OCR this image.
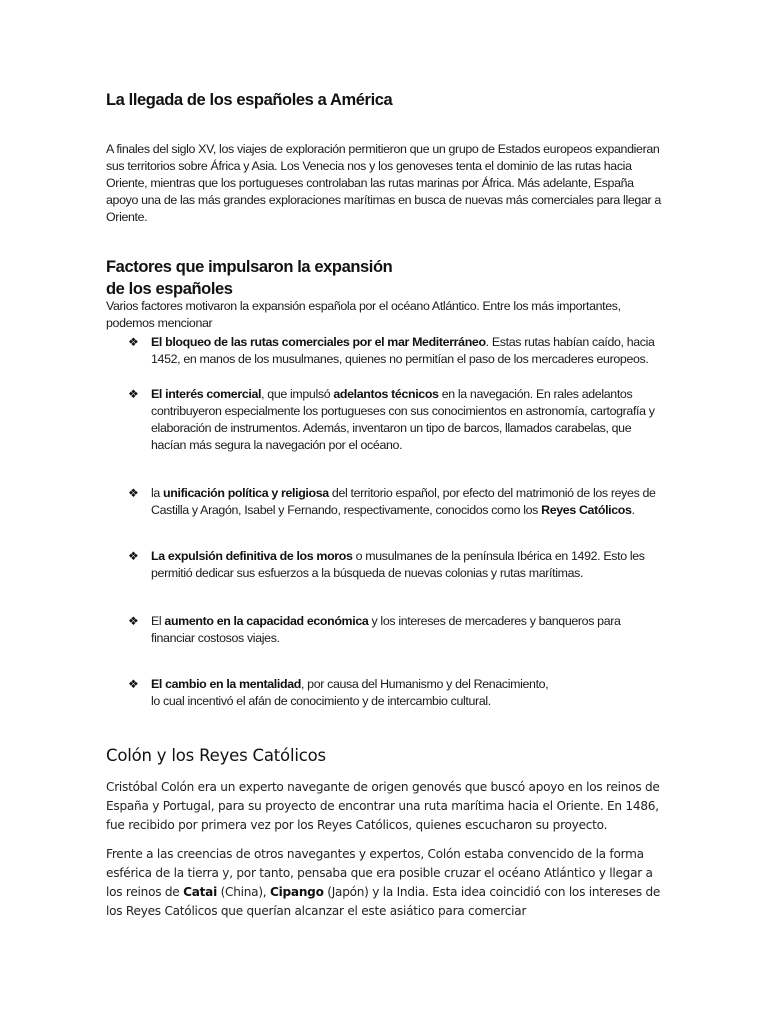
La llegada de los españoles a América

A finales del siglo XV, los viajes de exploración permitieron que un grupo de Estados europeos expandieran sus territorios sobre África y Asia. Los Venecia nos y los genoveses tenta el dominio de las rutas hacia Oriente, mientras que los portugueses controlaban las rutas marinas por África. Más adelante, España apoyo una de las más grandes exploraciones marítimas en busca de nuevas más comerciales para llegar a Oriente.

Factores que impulsaron la expansión
de los españoles

Varios factores motivaron la expansión española por el océano Atlántico. Entre los más importantes, podemos mencionar

❖ El bloqueo de las rutas comerciales por el mar Mediterráneo. Estas rutas habían caído, hacia 1452, en manos de los musulmanes, quienes no permitían el paso de los mercaderes europeos.

❖ El interés comercial, que impulsó adelantos técnicos en la navegación. En rales adelantos contribuyeron especialmente los portugueses con sus conocimientos en astronomía, cartografía y elaboración de instrumentos. Además, inventaron un tipo de barcos, llamados carabelas, que hacían más segura la navegación por el océano.

❖ la unificación política y religiosa del territorio español, por efecto del matrimonió de los reyes de Castilla y Aragón, Isabel y Fernando, respectivamente, conocidos como los Reyes Católicos.

❖ La expulsión definitiva de los moros o musulmanes de la península Ibérica en 1492. Esto les permitió dedicar sus esfuerzos a la búsqueda de nuevas colonias y rutas marítimas.

❖ El aumento en la capacidad económica y los intereses de mercaderes y banqueros para financiar costosos viajes.

❖ El cambio en la mentalidad, por causa del Humanismo y del Renacimiento,
lo cual incentivó el afán de conocimiento y de intercambio cultural.

Colón y los Reyes Católicos

Cristóbal Colón era un experto navegante de origen genovés que buscó apoyo en los reinos de España y Portugal, para su proyecto de encontrar una ruta marítima hacia el Oriente. En 1486, fue recibido por primera vez por los Reyes Católicos, quienes escucharon su proyecto.

Frente a las creencias de otros navegantes y expertos, Colón estaba convencido de la forma esférica de la tierra y, por tanto, pensaba que era posible cruzar el océano Atlántico y llegar a los reinos de Catai (China), Cipango (Japón) y la India. Esta idea coincidió con los intereses de los Reyes Católicos que querían alcanzar el este asiático para comerciar
